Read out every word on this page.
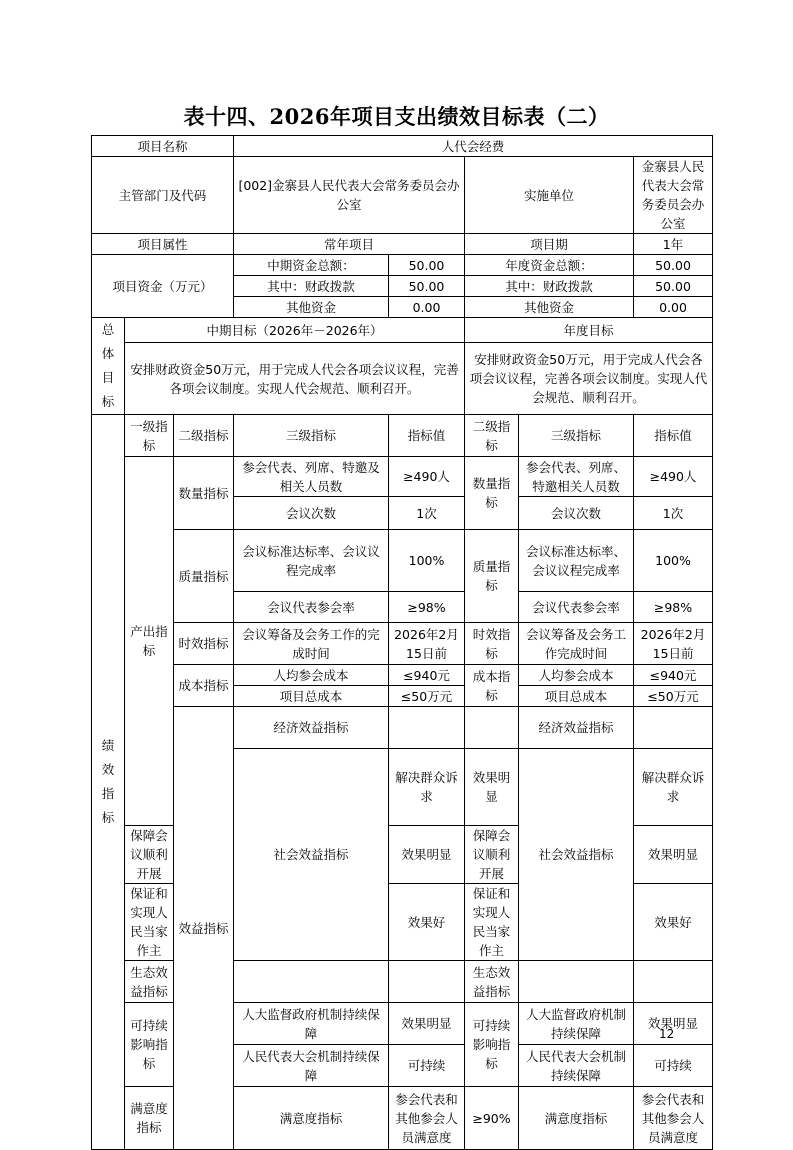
表十四、2026年项目支出绩效目标表（二）
项目名称			人代会经费					
主管部门及代码			[002]金寨县人民代表大会常务委员会办公室		实施单位		金寨县人民代表大会常务委员会办公室	
项目属性			常年项目		项目期		1年	
项目资金（万元）			中期资金总额：	50.00	年度资金总额：		50.00	
			其中：财政拨款	50.00	其中：财政拨款		50.00	
			其他资金	0.00	其他资金		0.00	
总体目标	中期目标（2026年－2026年）				年度目标			
	安排财政资金50万元，用于完成人代会各项会议议程，完善各项会议制度。实现人代会规范、顺利召开。				安排财政资金50万元，用于完成人代会各项会议议程，完善各项会议制度。实现人代会规范、顺利召开。			
绩效指标	一级指标	二级指标	三级指标	指标值	二级指标	三级指标	指标值	
	产出指标	数量指标	参会代表、列席、特邀及相关人员数	≥490人	数量指标	参会代表、列席、特邀相关人员数	≥490人	
			会议次数	1次		会议次数	1次	
		质量指标	会议标准达标率、会议议程完成率	100%	质量指标	会议标准达标率、会议议程完成率	100%	
			会议代表参会率	≥98%		会议代表参会率	≥98%	
		时效指标	会议筹备及会务工作的完成时间	2026年2月15日前	时效指标	会议筹备及会务工作完成时间	2026年2月15日前	
		成本指标	人均参会成本	≤940元	成本指标	人均参会成本	≤940元	
			项目总成本	≤50万元		项目总成本	≤50万元	
		效益指标	经济效益指标			经济效益指标		
			社会效益指标	解决群众诉求	效果明显	社会效益指标	解决群众诉求	
	保障会议顺利开展			效果明显	保障会议顺利开展		效果明显	
	保证和实现人民当家作主			效果好	保证和实现人民当家作主		效果好	
	生态效益指标				生态效益指标			
	可持续影响指标		人大监督政府机制持续保障	效果明显	可持续影响指标	人大监督政府机制持续保障	效果明显	
			人民代表大会机制持续保障	可持续		人民代表大会机制持续保障	可持续	
	满意度指标		满意度指标	参会代表和其他参会人员满意度	≥90%	满意度指标	参会代表和其他参会人员满意度	
12
